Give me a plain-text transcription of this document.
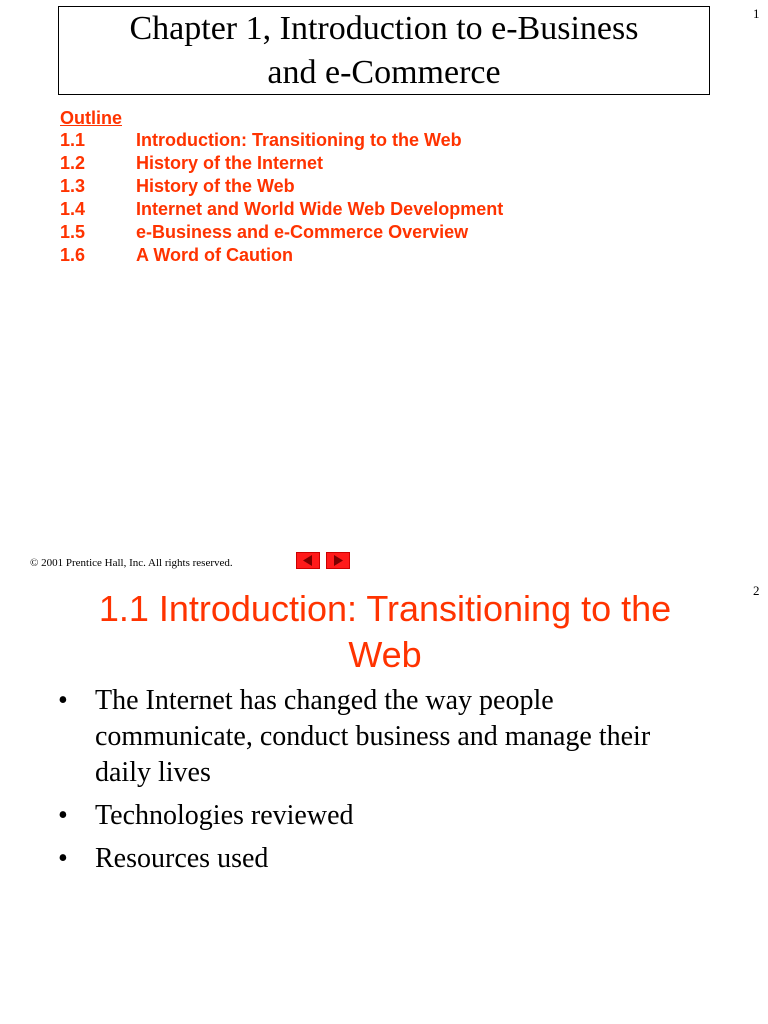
1
Chapter 1, Introduction to e-Business
and e-Commerce
Outline
1.1	Introduction: Transitioning to the Web
1.2	History of the Internet
1.3	History of the Web
1.4	Internet and World Wide Web Development
1.5	e-Business and e-Commerce Overview
1.6	A Word of Caution
© 2001 Prentice Hall, Inc. All rights reserved.
2
1.1 Introduction: Transitioning to the
Web
• The Internet has changed the way people communicate, conduct business and manage their daily lives
• Technologies reviewed
• Resources used
